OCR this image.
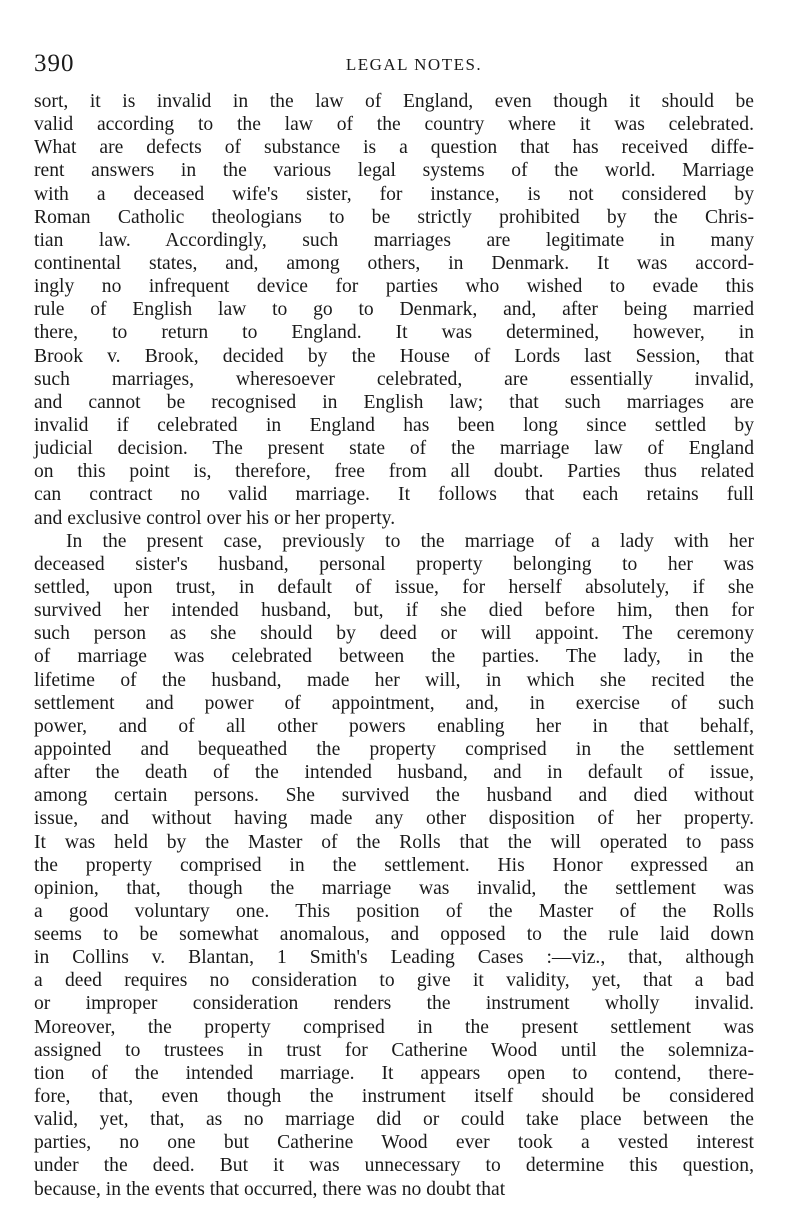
390	LEGAL NOTES.
sort, it is invalid in the law of England, even though it should be
valid according to the law of the country where it was celebrated.
What are defects of substance is a question that has received diffe-
rent answers in the various legal systems of the world. Marriage
with a deceased wife's sister, for instance, is not considered by
Roman Catholic theologians to be strictly prohibited by the Chris-
tian law. Accordingly, such marriages are legitimate in many
continental states, and, among others, in Denmark. It was accord-
ingly no infrequent device for parties who wished to evade this
rule of English law to go to Denmark, and, after being married
there, to return to England. It was determined, however, in
Brook v. Brook, decided by the House of Lords last Session, that
such marriages, wheresoever celebrated, are essentially invalid,
and cannot be recognised in English law; that such marriages are
invalid if celebrated in England has been long since settled by
judicial decision. The present state of the marriage law of England
on this point is, therefore, free from all doubt. Parties thus related
can contract no valid marriage. It follows that each retains full
and exclusive control over his or her property.
In the present case, previously to the marriage of a lady with her
deceased sister's husband, personal property belonging to her was
settled, upon trust, in default of issue, for herself absolutely, if she
survived her intended husband, but, if she died before him, then for
such person as she should by deed or will appoint. The ceremony
of marriage was celebrated between the parties. The lady, in the
lifetime of the husband, made her will, in which she recited the
settlement and power of appointment, and, in exercise of such
power, and of all other powers enabling her in that behalf,
appointed and bequeathed the property comprised in the settlement
after the death of the intended husband, and in default of issue,
among certain persons. She survived the husband and died without
issue, and without having made any other disposition of her property.
It was held by the Master of the Rolls that the will operated to pass
the property comprised in the settlement. His Honor expressed an
opinion, that, though the marriage was invalid, the settlement was
a good voluntary one. This position of the Master of the Rolls
seems to be somewhat anomalous, and opposed to the rule laid down
in Collins v. Blantan, 1 Smith's Leading Cases :—viz., that, although
a deed requires no consideration to give it validity, yet, that a bad
or improper consideration renders the instrument wholly invalid.
Moreover, the property comprised in the present settlement was
assigned to trustees in trust for Catherine Wood until the solemniza-
tion of the intended marriage. It appears open to contend, there-
fore, that, even though the instrument itself should be considered
valid, yet, that, as no marriage did or could take place between the
parties, no one but Catherine Wood ever took a vested interest
under the deed. But it was unnecessary to determine this question,
because, in the events that occurred, there was no doubt that
